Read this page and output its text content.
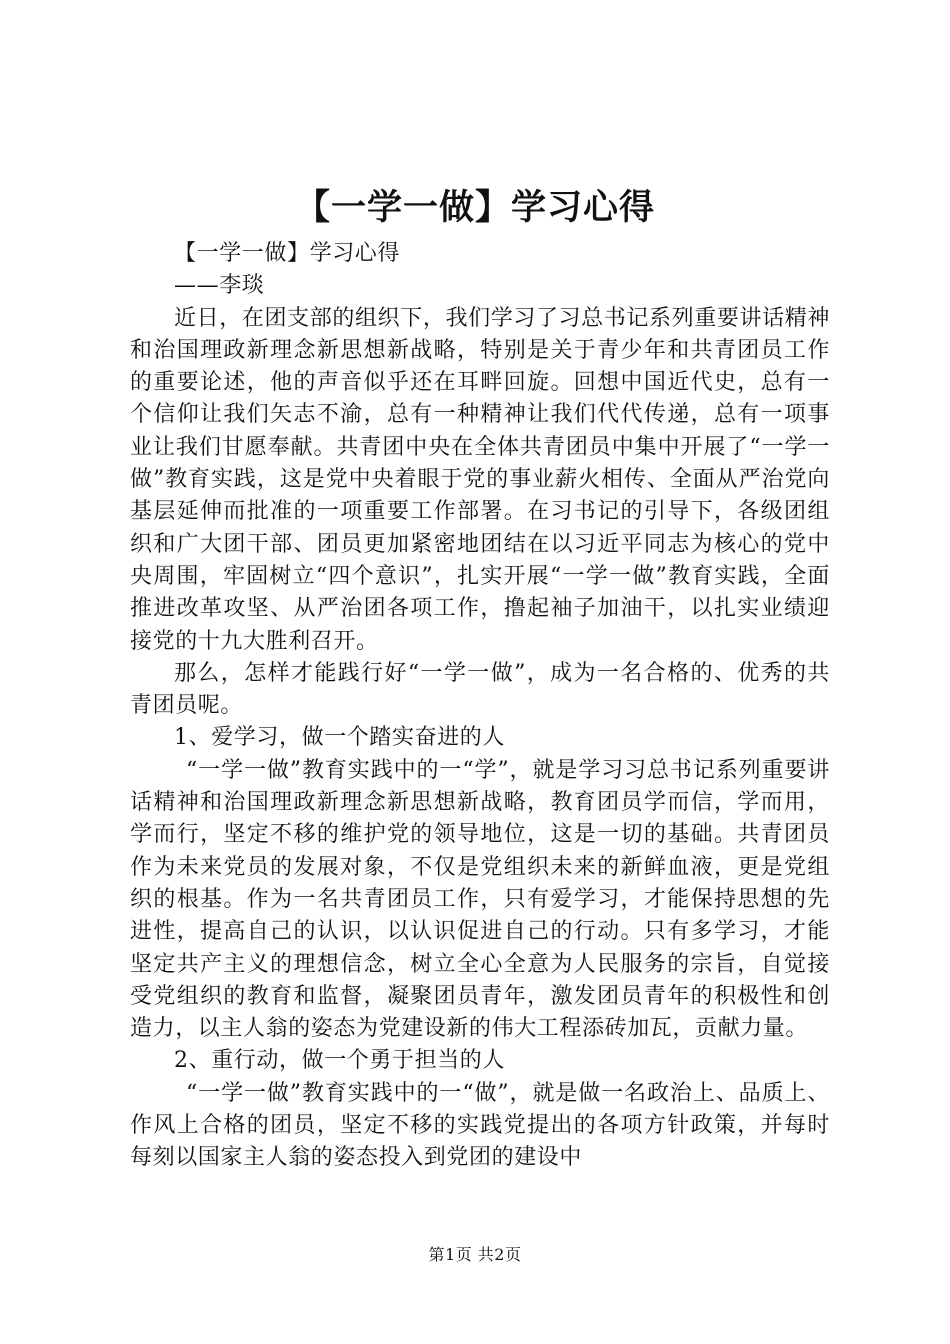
【一学一做】学习心得

【一学一做】学习心得

——李琰

近日，在团支部的组织下，我们学习了习总书记系列重要讲话精神和治国理政新理念新思想新战略，特别是关于青少年和共青团员工作的重要论述，他的声音似乎还在耳畔回旋。回想中国近代史，总有一个信仰让我们矢志不渝，总有一种精神让我们代代传递，总有一项事业让我们甘愿奉献。共青团中央在全体共青团员中集中开展了“一学一做”教育实践，这是党中央着眼于党的事业薪火相传、全面从严治党向基层延伸而批准的一项重要工作部署。在习书记的引导下，各级团组织和广大团干部、团员更加紧密地团结在以习近平同志为核心的党中央周围，牢固树立“四个意识”，扎实开展“一学一做”教育实践，全面推进改革攻坚、从严治团各项工作，撸起袖子加油干，以扎实业绩迎接党的十九大胜利召开。

那么，怎样才能践行好“一学一做”，成为一名合格的、优秀的共青团员呢。

1、爱学习，做一个踏实奋进的人

“一学一做”教育实践中的一“学”，就是学习习总书记系列重要讲话精神和治国理政新理念新思想新战略，教育团员学而信，学而用，学而行，坚定不移的维护党的领导地位，这是一切的基础。共青团员作为未来党员的发展对象，不仅是党组织未来的新鲜血液，更是党组织的根基。作为一名共青团员工作，只有爱学习，才能保持思想的先进性，提高自己的认识，以认识促进自己的行动。只有多学习，才能坚定共产主义的理想信念，树立全心全意为人民服务的宗旨，自觉接受党组织的教育和监督，凝聚团员青年，激发团员青年的积极性和创造力，以主人翁的姿态为党建设新的伟大工程添砖加瓦，贡献力量。

2、重行动，做一个勇于担当的人

“一学一做”教育实践中的一“做”，就是做一名政治上、品质上、作风上合格的团员，坚定不移的实践党提出的各项方针政策，并每时每刻以国家主人翁的姿态投入到党团的建设中

第1页 共2页
